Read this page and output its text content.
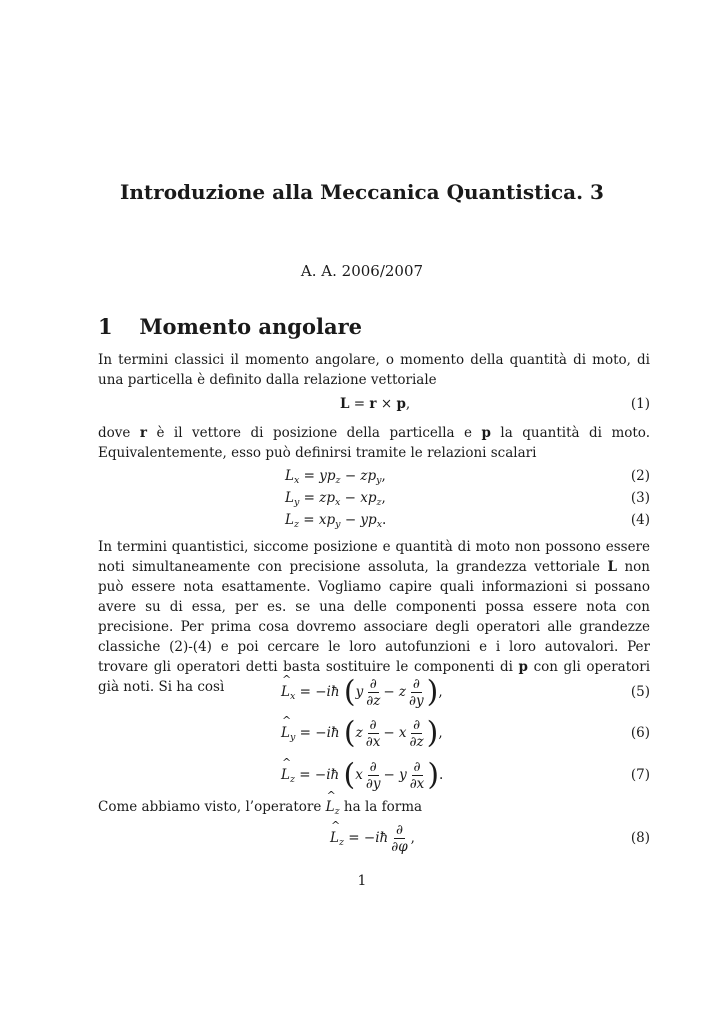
Introduzione alla Meccanica Quantistica. 3
A. A. 2006/2007
1 Momento angolare
In termini classici il momento angolare, o momento della quantità di moto, di una particella è definito dalla relazione vettoriale
L = r × p,	(1)
dove r è il vettore di posizione della particella e p la quantità di moto. Equivalentemente, esso può definirsi tramite le relazioni scalari
$L_x = yp_z - zp_y$,	(2)
$L_y = zp_x - xp_z$,	(3)
$L_z = xp_y - yp_x$.	(4)
In termini quantistici, siccome posizione e quantità di moto non possono essere noti simultaneamente con precisione assoluta, la grandezza vettoriale L non può essere nota esattamente. Vogliamo capire quali informazioni si possano avere su di essa, per es. se una delle componenti possa essere nota con precisione. Per prima cosa dovremo associare degli operatori alle grandezze classiche (2)-(4) e poi cercare le loro autofunzioni e i loro autovalori. Per trovare gli operatori detti basta sostituire le componenti di p con gli operatori già noti. Si ha così	^ $L_x$ = −iħ ($y \frac{\partial}{\partial z} - z \frac{\partial}{\partial y}$ ),	(5)
^ $L_y$ = −iħ ($z \frac{\partial}{\partial x} - x \frac{\partial}{\partial z}$ ),	(6)
^ $L_z$ = −iħ ($x \frac{\partial}{\partial y} - y \frac{\partial}{\partial x}$ ).	(7)
Come abbiamo visto, l’operatore ^ $L_z$ ha la forma
^ $L_z$ = −iħ $\frac{\partial}{\partial\varphi}$ ,	(8)
1
